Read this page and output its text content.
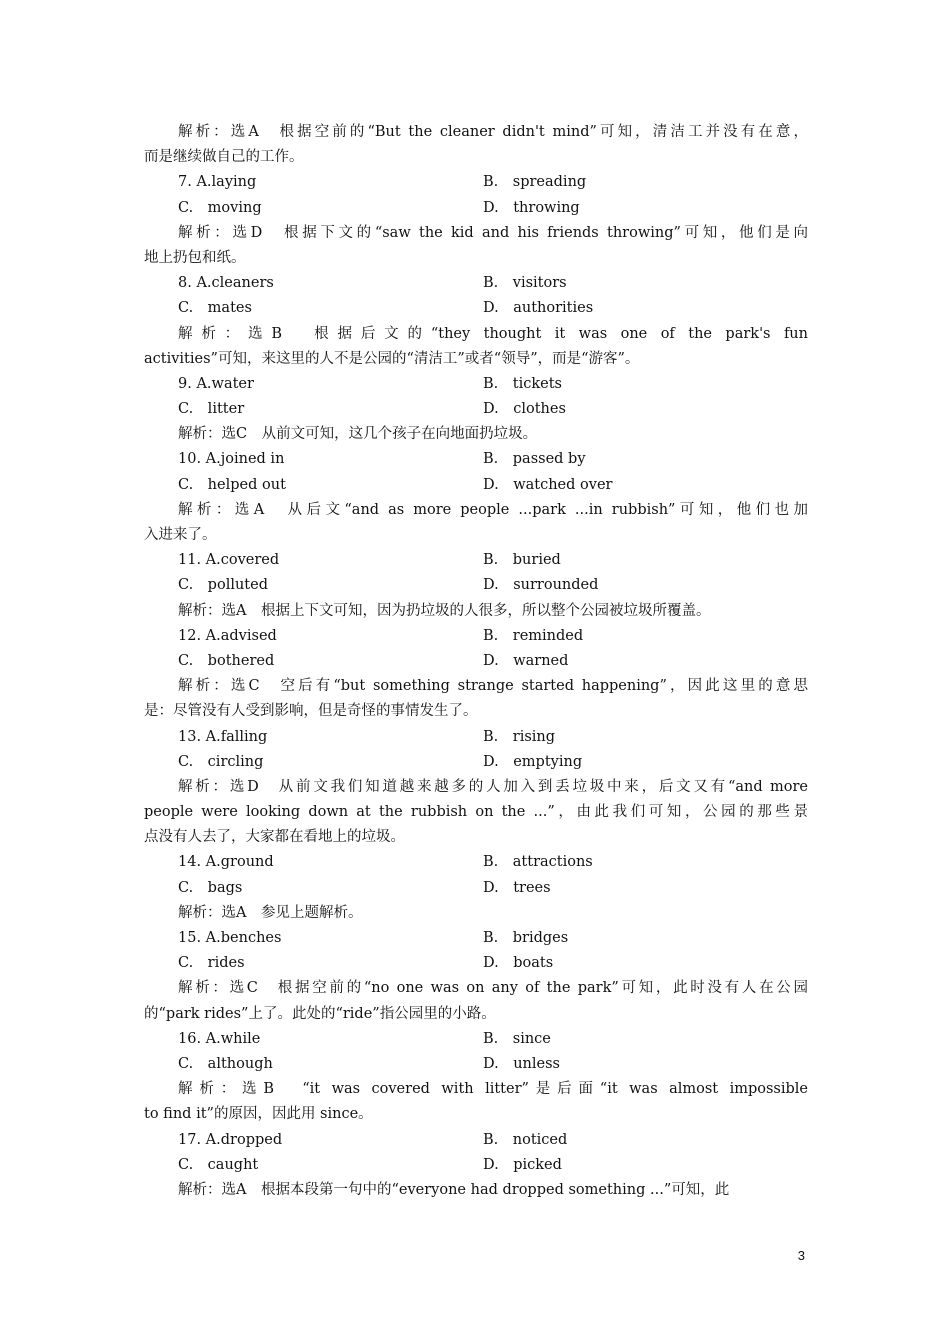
解析：选A　根据空前的“But the cleaner didn't mind”可知，清洁工并没有在意，
而是继续做自己的工作。
7. A.laying	B.　spreading
C.　moving	D.　throwing
解析：选D　根据下文的“saw the kid and his friends throwing”可知，他们是向
地上扔包和纸。
8. A.cleaners	B.　visitors
C.　mates	D.　authorities
解析：选B　根据后文的“they thought it was one of the park's fun
activities”可知，来这里的人不是公园的“清洁工”或者“领导”，而是“游客”。
9. A.water	B.　tickets
C.　litter	D.　clothes
解析：选C　从前文可知，这几个孩子在向地面扔垃圾。
10. A.joined in	B.　passed by
C.　helped out	D.　watched over
解析：选A　从后文“and as more people ...park ...in rubbish”可知，他们也加
入进来了。
11. A.covered	B.　buried
C.　polluted	D.　surrounded
解析：选A　根据上下文可知，因为扔垃圾的人很多，所以整个公园被垃圾所覆盖。
12. A.advised	B.　reminded
C.　bothered	D.　warned
解析：选C　空后有“but something strange started happening”，因此这里的意思
是：尽管没有人受到影响，但是奇怪的事情发生了。
13. A.falling	B.　rising
C.　circling	D.　emptying
解析：选D　从前文我们知道越来越多的人加入到丢垃圾中来，后文又有“and more
people were looking down at the rubbish on the ...”，由此我们可知，公园的那些景
点没有人去了，大家都在看地上的垃圾。
14. A.ground	B.　attractions
C.　bags	D.　trees
解析：选A　参见上题解析。
15. A.benches	B.　bridges
C.　rides	D.　boats
解析：选C　根据空前的“no one was on any of the park”可知，此时没有人在公园
的“park rides”上了。此处的“ride”指公园里的小路。
16. A.while	B.　since
C.　although	D.　unless
解析：选B　“it was covered with litter”是后面“it was almost impossible
to find it”的原因，因此用 since。
17. A.dropped	B.　noticed
C.　caught	D.　picked
解析：选A　根据本段第一句中的“everyone had dropped something ...”可知，此
3
